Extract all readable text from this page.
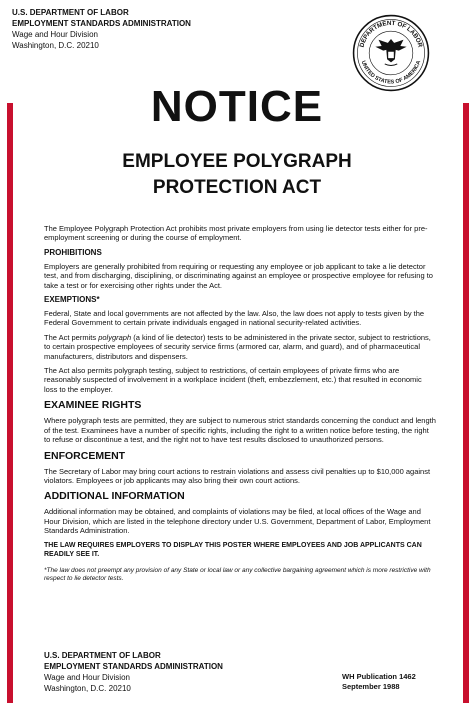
U.S. DEPARTMENT OF LABOR
EMPLOYMENT STANDARDS ADMINISTRATION
Wage and Hour Division
Washington, D.C. 20210	DEPARTMENT OF LABOR
UNITED STATES OF AMERICA
NOTICE
EMPLOYEE POLYGRAPH
PROTECTION ACT

The Employee Polygraph Protection Act prohibits most private employers from using lie detector tests either for pre-employment screening or during the course of employment.

PROHIBITIONS

Employers are generally prohibited from requiring or requesting any employee or job applicant to take a lie detector test, and from discharging, disciplining, or discriminating against an employee or prospective employee for refusing to take a test or for exercising other rights under the Act.

EXEMPTIONS*

Federal, State and local governments are not affected by the law. Also, the law does not apply to tests given by the Federal Government to certain private individuals engaged in national security-related activities.

The Act permits polygraph (a kind of lie detector) tests to be administered in the private sector, subject to restrictions, to certain prospective employees of security service firms (armored car, alarm, and guard), and of pharmaceutical manufacturers, distributors and dispensers.

The Act also permits polygraph testing, subject to restrictions, of certain employees of private firms who are reasonably suspected of involvement in a workplace incident (theft, embezzlement, etc.) that resulted in economic loss to the employer.

EXAMINEE RIGHTS

Where polygraph tests are permitted, they are subject to numerous strict standards concerning the conduct and length of the test. Examinees have a number of specific rights, including the right to a written notice before testing, the right to refuse or discontinue a test, and the right not to have test results disclosed to unauthorized persons.

ENFORCEMENT

The Secretary of Labor may bring court actions to restrain violations and assess civil penalties up to $10,000 against violators. Employees or job applicants may also bring their own court actions.

ADDITIONAL INFORMATION

Additional information may be obtained, and complaints of violations may be filed, at local offices of the Wage and Hour Division, which are listed in the telephone directory under U.S. Government, Department of Labor, Employment Standards Administration.

THE LAW REQUIRES EMPLOYERS TO DISPLAY THIS POSTER WHERE EMPLOYEES AND JOB APPLICANTS CAN READILY SEE IT.
*The law does not preempt any provision of any State or local law or any collective bargaining agreement which is more restrictive with respect to lie detector tests.
U.S. DEPARTMENT OF LABOR
EMPLOYMENT STANDARDS ADMINISTRATION
Wage and Hour Division
Washington, D.C. 20210
WH Publication 1462
September 1988
